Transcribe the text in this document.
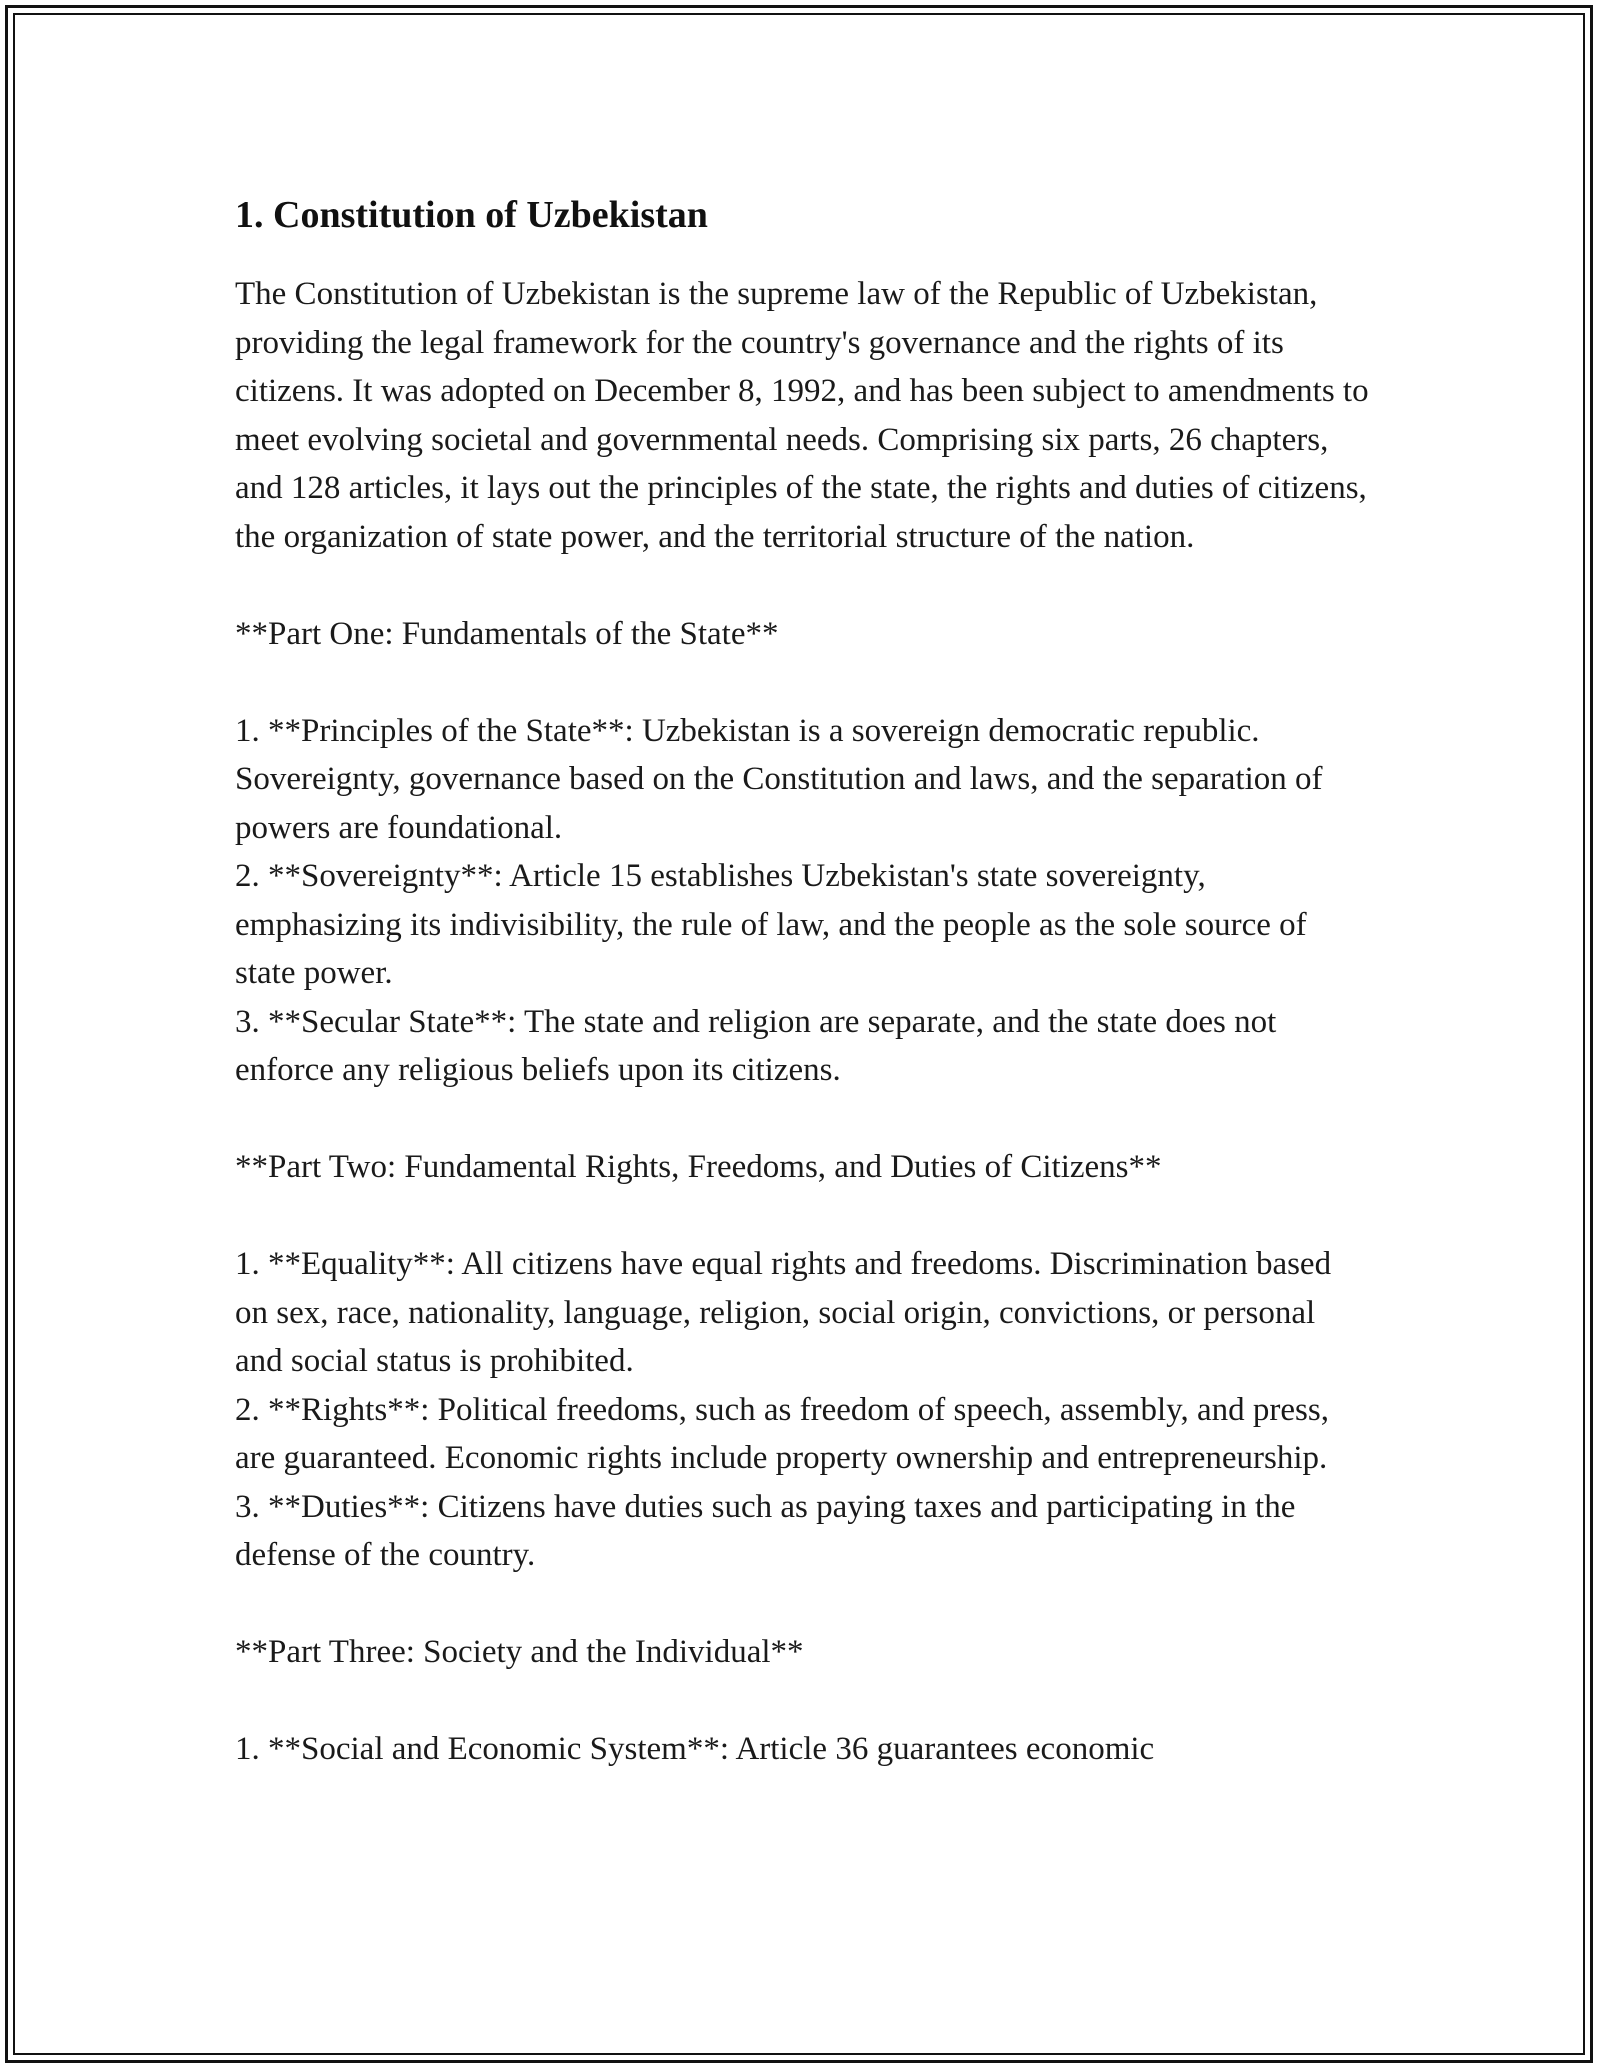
1. Constitution of Uzbekistan

The Constitution of Uzbekistan is the supreme law of the Republic of Uzbekistan, providing the legal framework for the country's governance and the rights of its citizens. It was adopted on December 8, 1992, and has been subject to amendments to meet evolving societal and governmental needs. Comprising six parts, 26 chapters, and 128 articles, it lays out the principles of the state, the rights and duties of citizens, the organization of state power, and the territorial structure of the nation.

**Part One: Fundamentals of the State**

1. **Principles of the State**: Uzbekistan is a sovereign democratic republic. Sovereignty, governance based on the Constitution and laws, and the separation of powers are foundational.

2. **Sovereignty**: Article 15 establishes Uzbekistan's state sovereignty, emphasizing its indivisibility, the rule of law, and the people as the sole source of state power.

3. **Secular State**: The state and religion are separate, and the state does not enforce any religious beliefs upon its citizens.

**Part Two: Fundamental Rights, Freedoms, and Duties of Citizens**

1. **Equality**: All citizens have equal rights and freedoms. Discrimination based on sex, race, nationality, language, religion, social origin, convictions, or personal and social status is prohibited.

2. **Rights**: Political freedoms, such as freedom of speech, assembly, and press, are guaranteed. Economic rights include property ownership and entrepreneurship.

3. **Duties**: Citizens have duties such as paying taxes and participating in the defense of the country.

**Part Three: Society and the Individual**

1. **Social and Economic System**: Article 36 guarantees economic
